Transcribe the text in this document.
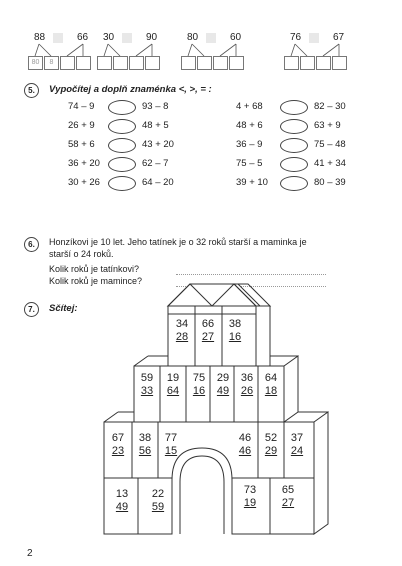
88	66
80	8
30	90	80	60	76	67
5.	Vypočítej a doplň znaménka <, >, = :
74 – 9	93 – 8	4 + 68	82 – 30
26 + 9	48 + 5	48 + 6	63 + 9
58 + 6	43 + 20	36 – 9	75 – 48
36 + 20	62 – 7	75 – 5	41 + 34
30 + 26	64 – 20	39 + 10	80 – 39
6.	Honzíkovi je 10 let. Jeho tatínek je o 32 roků starší a maminka je
starší o 24 roků.
Kolik roků je tatínkovi?
Kolik roků je mamince?
7.	Sčítej:
34
28
66
27
38
16
59
33
19
64
75
16
29
49
36
26
64
18
67
23
38
56
77
15
46
46
52
29
37
24
13
49
22
59
73
19
65
27
2
